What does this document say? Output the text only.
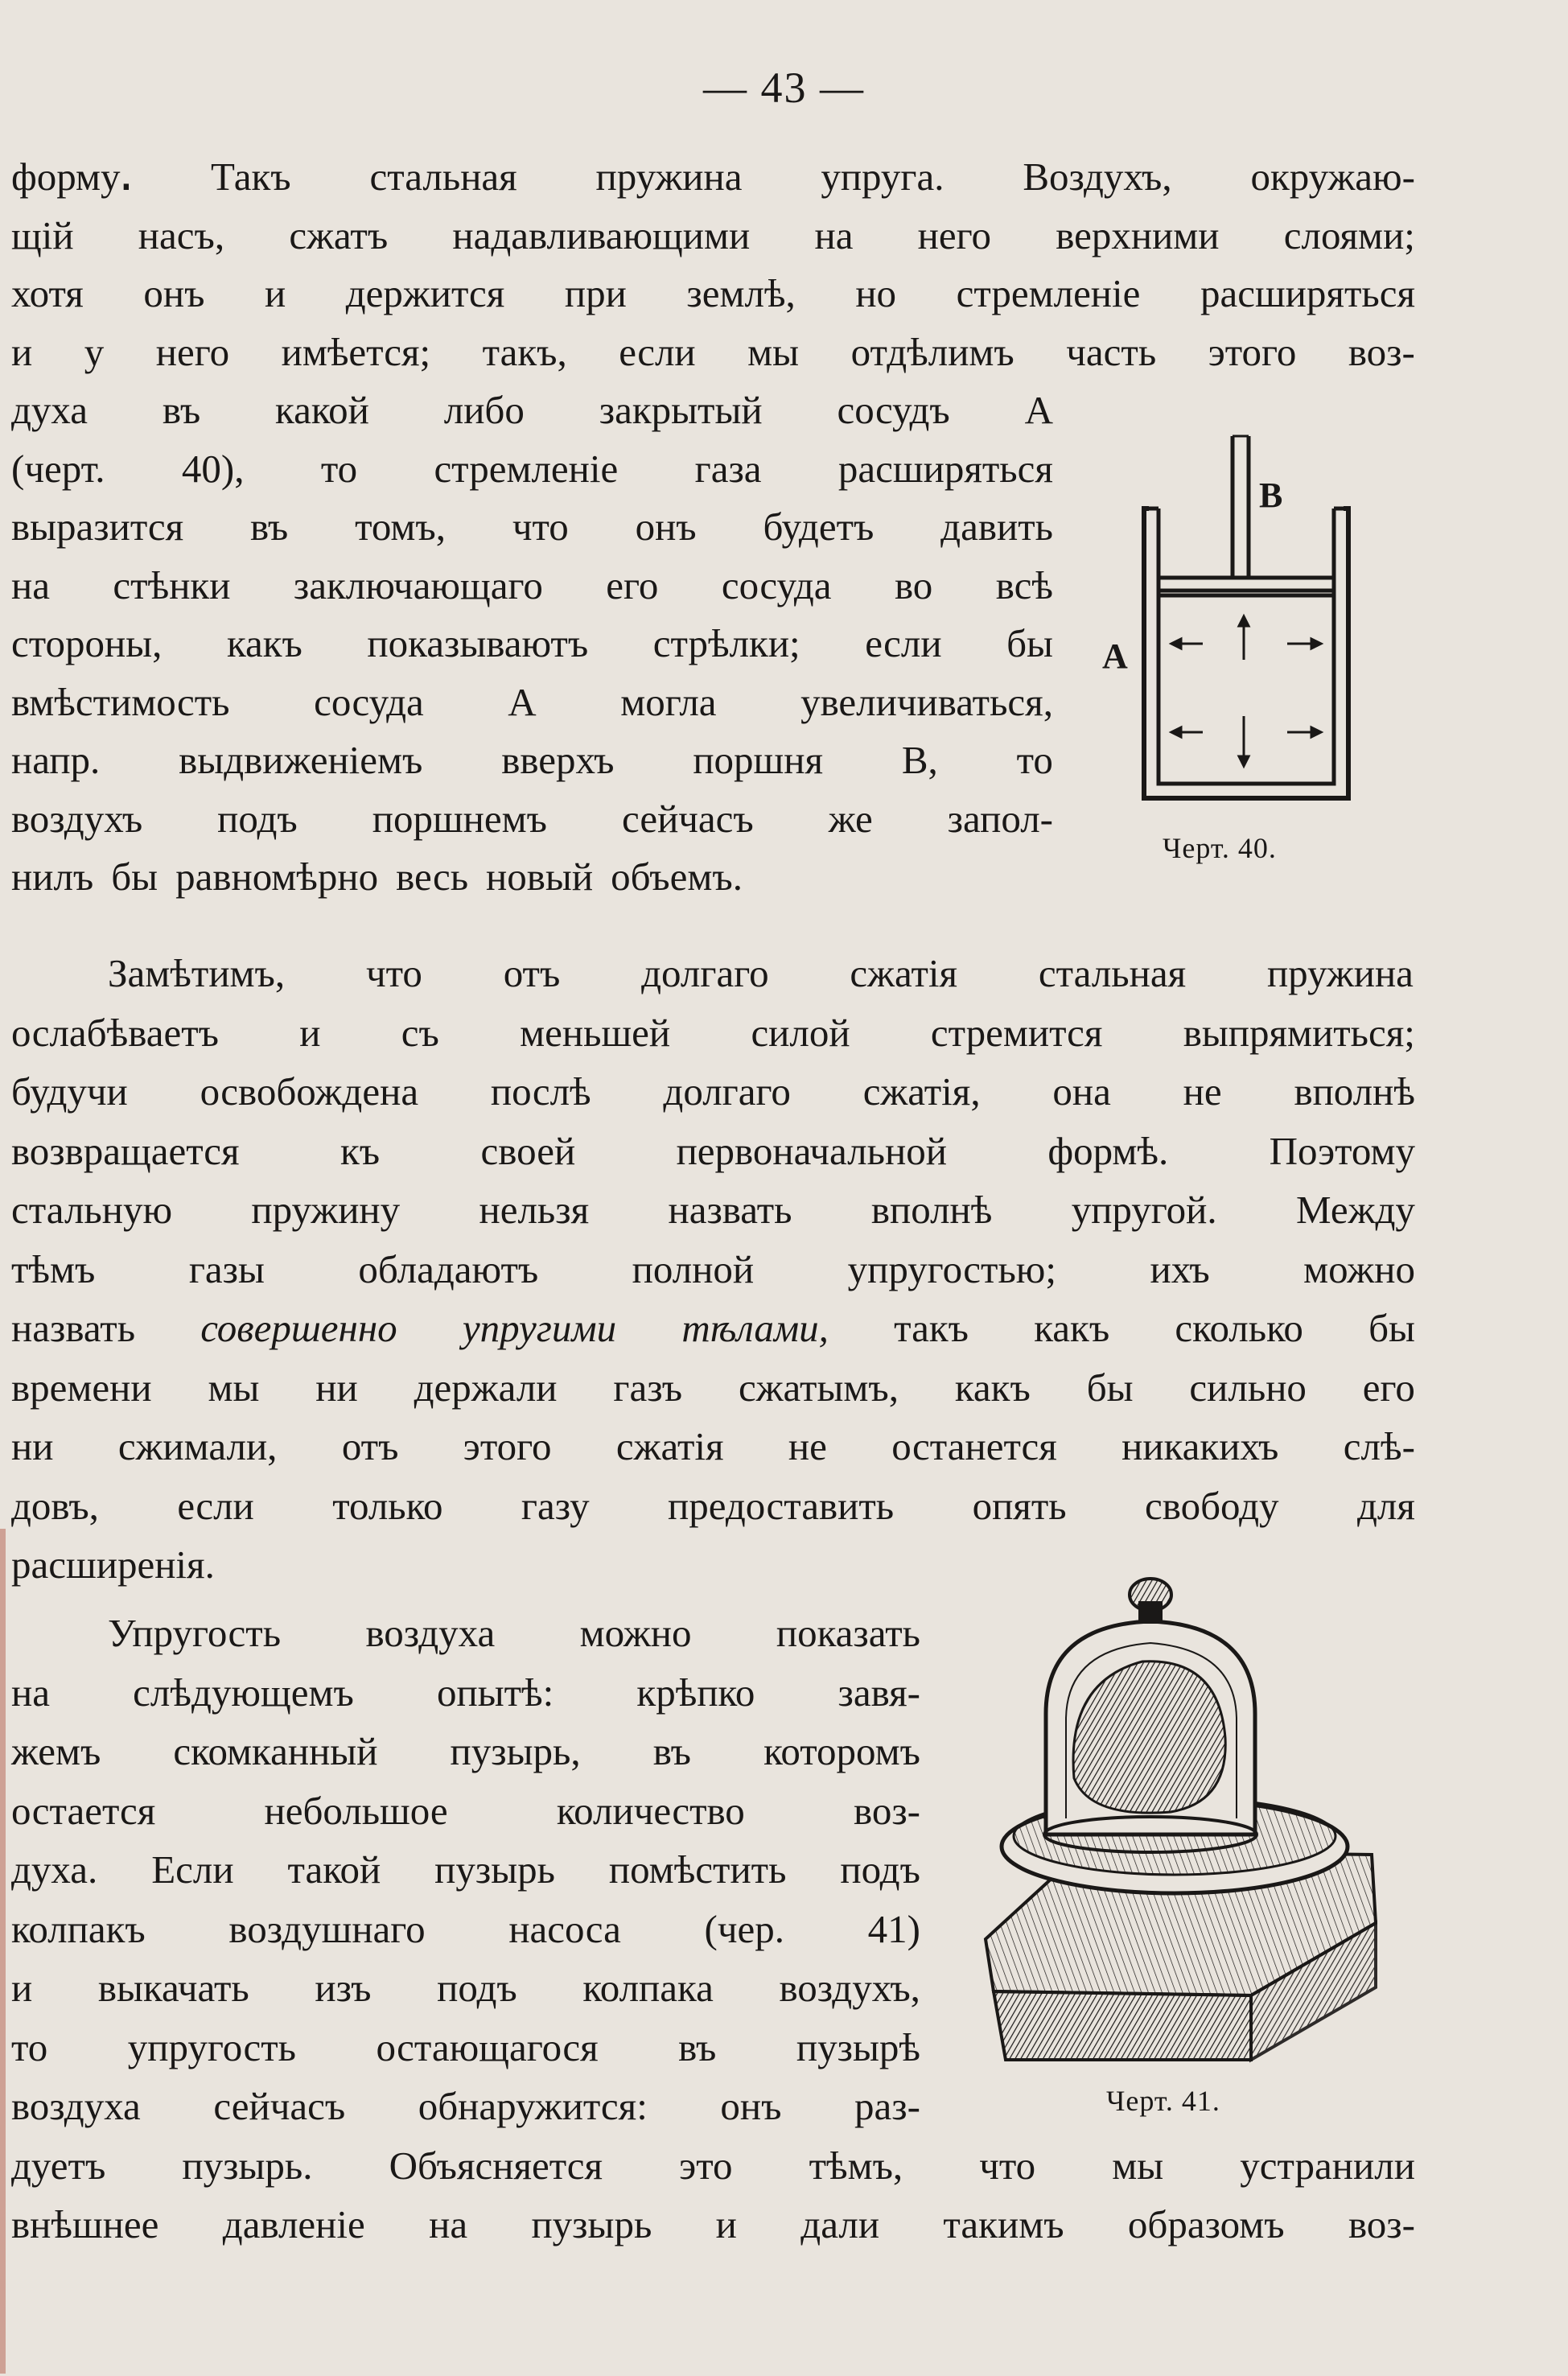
— 43 —
формуꓸ Такъ стальная пружина упруга. Воздухъ, окружаю-
щій насъ, сжатъ надавливающими на него верхними слоями;
хотя онъ и держится при землѣ, но стремленіе расширяться
и у него имѣется; такъ, если мы отдѣлимъ часть этого воз-
духа въ какой либо закрытый сосудъ А
(черт. 40), то стремленіе газа расширяться
выразится въ томъ, что онъ будетъ давить
на стѣнки заключающаго его сосуда во всѣ
стороны, какъ показываютъ стрѣлки; если бы
вмѣстимость сосуда А могла увеличиваться,
напр. выдвиженіемъ вверхъ поршня В, то
воздухъ подъ поршнемъ сейчасъ же запол-
нилъ бы равномѣрно весь новый объемъ.
Замѣтимъ, что отъ долгаго сжатія стальная пружина
ослабѣваетъ и съ меньшей силой стремится выпрямиться;
будучи освобождена послѣ долгаго сжатія, она не вполнѣ
возвращается	къ	своей	первоначальной	формѣ.	Поэтому
стальную пружину нельзя назвать вполнѣ упругой. Между
тѣмъ газы обладаютъ полной упругостью; ихъ можно
назвать совершенно упругими тѣлами, такъ какъ сколько бы
времени мы ни держали газъ сжатымъ, какъ бы сильно его
ни сжимали, отъ этого сжатія не останется никакихъ слѣ-
довъ, если только газу предоставить опять свободу для
расширенія.
Упругость воздуха можно показать
на слѣдующемъ опытѣ: крѣпко завя-
жемъ скомканный пузырь, въ которомъ
остается	небольшое	количество	воз-
духа. Если такой пузырь помѣстить подъ
колпакъ воздушнаго насоса (чер. 41)
и выкачать изъ подъ колпака воздухъ,
то упругость остающагося въ пузырѣ
воздуха сейчасъ обнаружится: онъ раз-
дуетъ пузырь. Объясняется это тѣмъ, что мы устранили
внѣшнее давленіе на пузырь и дали такимъ образомъ воз-
А
В
Черт. 40.
Черт. 41.
